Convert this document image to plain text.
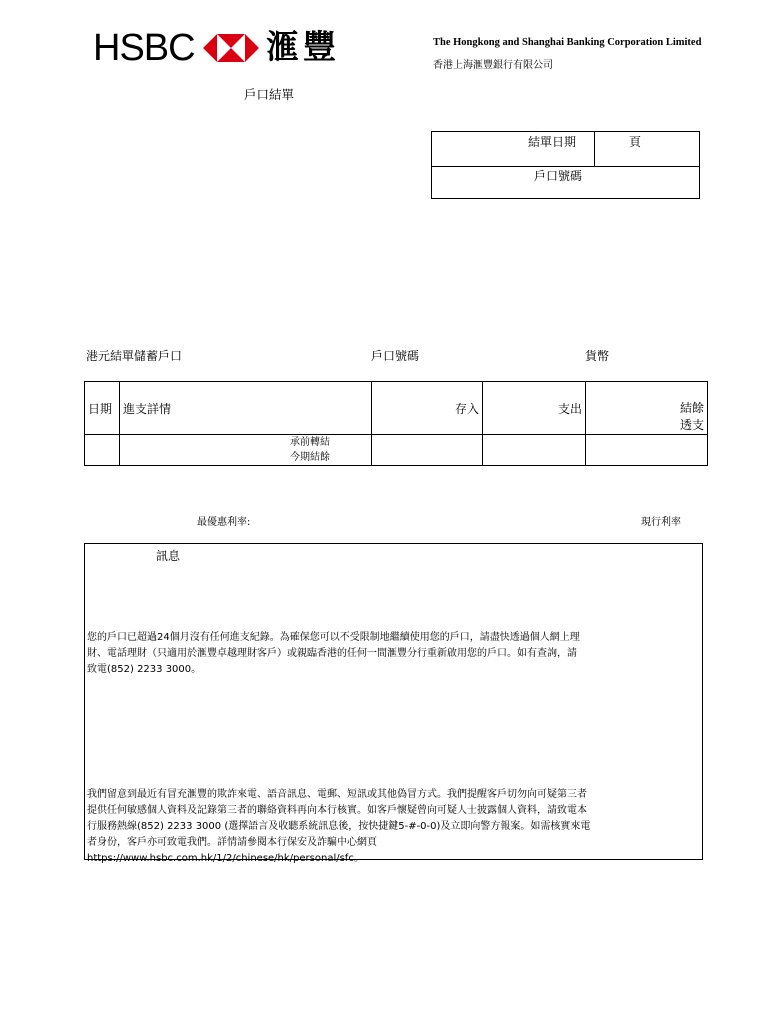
HSBC 滙豐	The Hongkong and Shanghai Banking Corporation Limited
香港上海滙豐銀行有限公司
戶口結單
結單日期	頁
戶口號碼
港元結單儲蓄戶口	戶口號碼	貨幣
日期	進支詳情	存入	支出	結餘
透支

	承前轉結
今期結餘			

最優惠利率:	現行利率
訊息
您的戶口已超過24個月沒有任何進支紀錄。為確保您可以不受限制地繼續使用您的戶口，請盡快透過個人網上理
財、電話理財（只適用於滙豐卓越理財客戶）或親臨香港的任何一間滙豐分行重新啟用您的戶口。如有查詢，請
致電(852) 2233 3000。
我們留意到最近有冒充滙豐的欺詐來電、語音訊息、電郵、短訊或其他偽冒方式。我們提醒客戶切勿向可疑第三者
提供任何敏感個人資料及記錄第三者的聯絡資料再向本行核實。如客戶懷疑曾向可疑人士披露個人資料，請致電本
行服務熱線(852) 2233 3000 (選擇語言及收聽系統訊息後，按快捷鍵5-#-0-0)及立即向警方報案。如需核實來電
者身份，客戶亦可致電我們。詳情請參閱本行保安及詐騙中心網頁
https://www.hsbc.com.hk/1/2/chinese/hk/personal/sfc。
